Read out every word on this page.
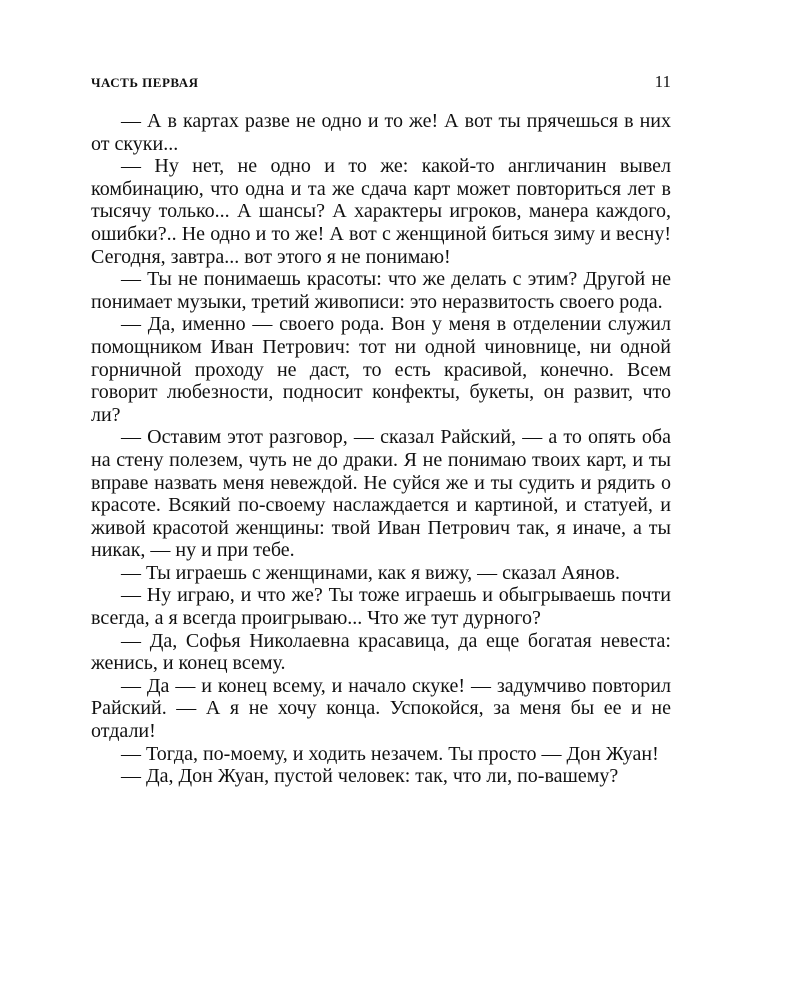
ЧАСТЬ ПЕРВАЯ	11

— А в картах разве не одно и то же! А вот ты прячешься в них от скуки...

— Ну нет, не одно и то же: какой-то англичанин вывел комбинацию, что одна и та же сдача карт может повториться лет в тысячу только... А шансы? А характеры игроков, манера каждого, ошибки?.. Не одно и то же! А вот с женщиной биться зиму и весну! Сегодня, завтра... вот этого я не понимаю!

— Ты не понимаешь красоты: что же делать с этим? Другой не понимает музыки, третий живописи: это неразвитость своего рода.

— Да, именно — своего рода. Вон у меня в отделении служил помощником Иван Петрович: тот ни одной чиновнице, ни одной горничной проходу не даст, то есть красивой, конечно. Всем говорит любезности, подносит конфекты, букеты, он развит, что ли?

— Оставим этот разговор, — сказал Райский, — а то опять оба на стену полезем, чуть не до драки. Я не понимаю твоих карт, и ты вправе назвать меня невеждой. Не суйся же и ты судить и рядить о красоте. Всякий по-своему наслаждается и картиной, и статуей, и живой красотой женщины: твой Иван Петрович так, я иначе, а ты никак, — ну и при тебе.

— Ты играешь с женщинами, как я вижу, — сказал Аянов.

— Ну играю, и что же? Ты тоже играешь и обыгрываешь почти всегда, а я всегда проигрываю... Что же тут дурного?

— Да, Софья Николаевна красавица, да еще богатая невеста: женись, и конец всему.

— Да — и конец всему, и начало скуке! — задумчиво повторил Райский. — А я не хочу конца. Успокойся, за меня бы ее и не отдали!

— Тогда, по-моему, и ходить незачем. Ты просто — Дон Жуан!

— Да, Дон Жуан, пустой человек: так, что ли, по-вашему?
